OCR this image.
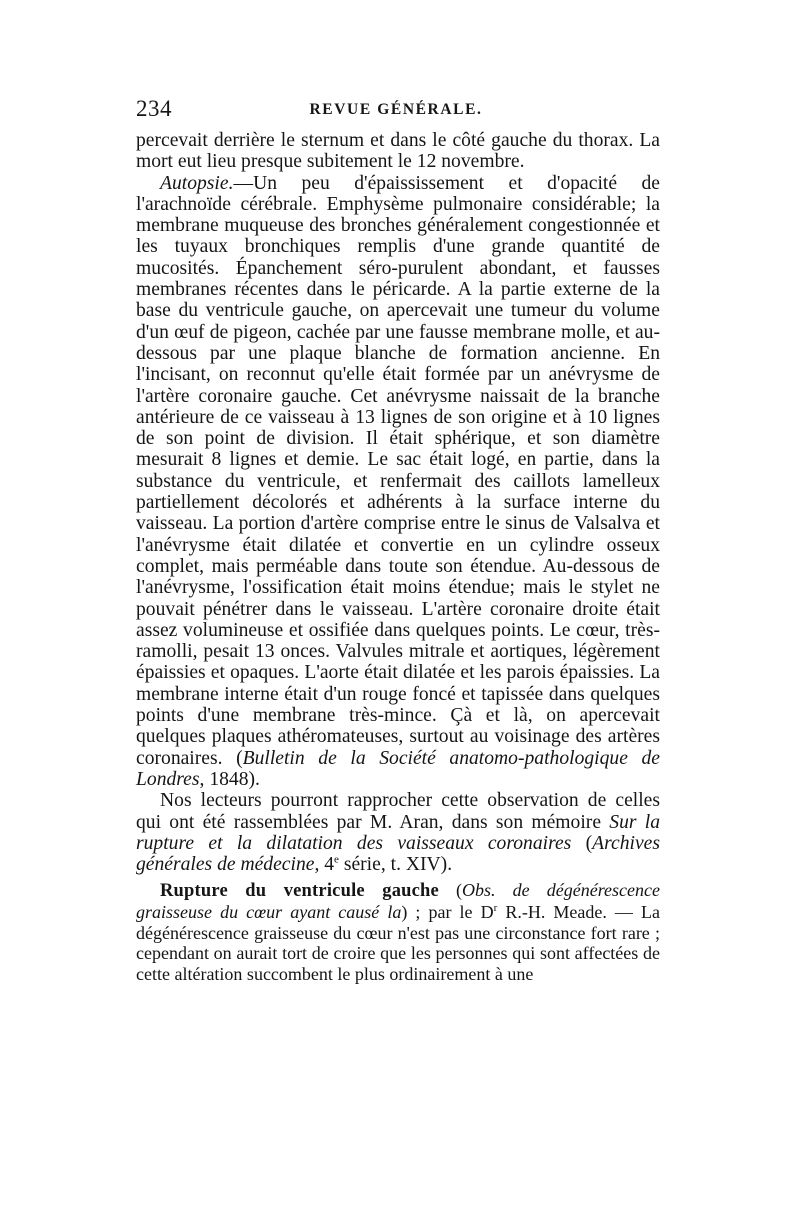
234	REVUE GÉNÉRALE.

percevait derrière le sternum et dans le côté gauche du thorax. La mort eut lieu presque subitement le 12 novembre.

Autopsie.—Un peu d'épaississement et d'opacité de l'arachnoïde cérébrale. Emphysème pulmonaire considérable; la membrane muqueuse des bronches généralement congestionnée et les tuyaux bronchiques remplis d'une grande quantité de mucosités. Épanchement séro-purulent abondant, et fausses membranes récentes dans le péricarde. A la partie externe de la base du ventricule gauche, on apercevait une tumeur du volume d'un œuf de pigeon, cachée par une fausse membrane molle, et au-dessous par une plaque blanche de formation ancienne. En l'incisant, on reconnut qu'elle était formée par un anévrysme de l'artère coronaire gauche. Cet anévrysme naissait de la branche antérieure de ce vaisseau à 13 lignes de son origine et à 10 lignes de son point de division. Il était sphérique, et son diamètre mesurait 8 lignes et demie. Le sac était logé, en partie, dans la substance du ventricule, et renfermait des caillots lamelleux partiellement décolorés et adhérents à la surface interne du vaisseau. La portion d'artère comprise entre le sinus de Valsalva et l'anévrysme était dilatée et convertie en un cylindre osseux complet, mais perméable dans toute son étendue. Au-dessous de l'anévrysme, l'ossification était moins étendue; mais le stylet ne pouvait pénétrer dans le vaisseau. L'artère coronaire droite était assez volumineuse et ossifiée dans quelques points. Le cœur, très-ramolli, pesait 13 onces. Valvules mitrale et aortiques, légèrement épaissies et opaques. L'aorte était dilatée et les parois épaissies. La membrane interne était d'un rouge foncé et tapissée dans quelques points d'une membrane très-mince. Çà et là, on apercevait quelques plaques athéromateuses, surtout au voisinage des artères coronaires. (Bulletin de la Société anatomo-pathologique de Londres, 1848).

Nos lecteurs pourront rapprocher cette observation de celles qui ont été rassemblées par M. Aran, dans son mémoire Sur la rupture et la dilatation des vaisseaux coronaires (Archives générales de médecine, 4e série, t. XIV).

Rupture du ventricule gauche (Obs. de dégénérescence graisseuse du cœur ayant causé la) ; par le $D^r$ R.-H. Meade. — La dégénérescence graisseuse du cœur n'est pas une circonstance fort rare ; cependant on aurait tort de croire que les personnes qui sont affectées de cette altération succombent le plus ordinairement à une
